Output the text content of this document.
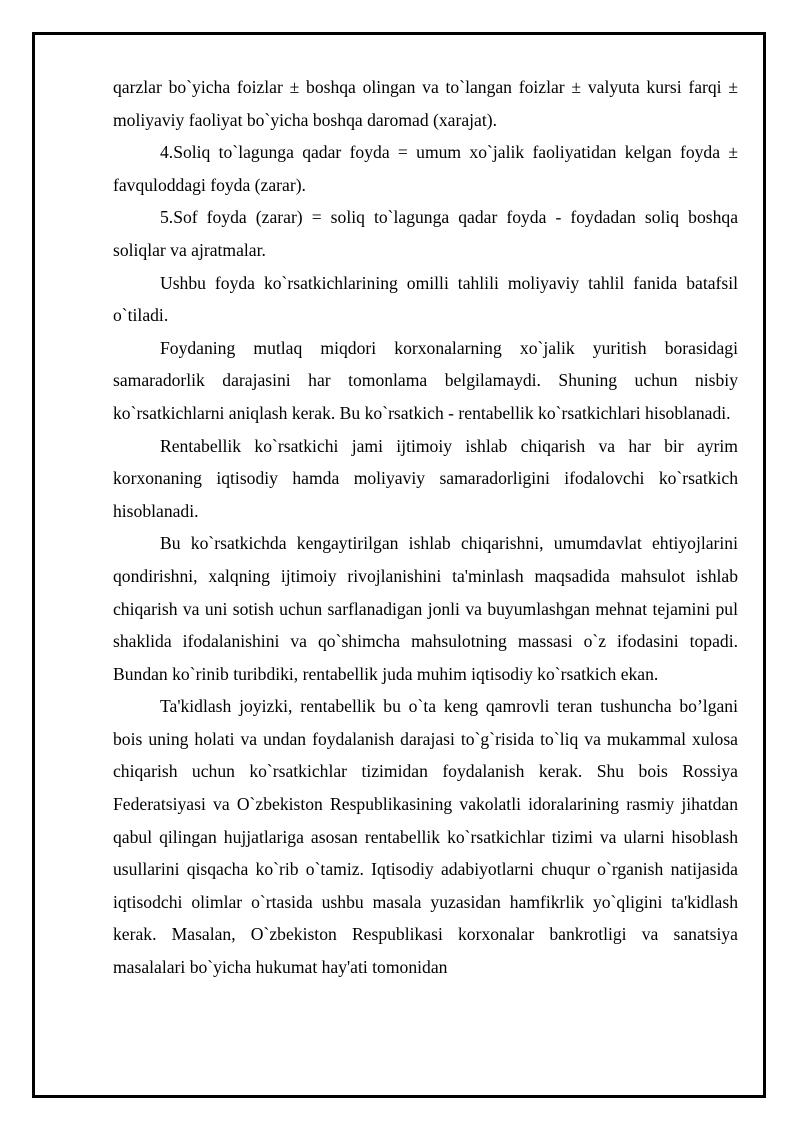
qarzlar bo`yicha foizlar ± boshqa olingan va to`langan foizlar ± valyuta kursi farqi ± moliyaviy faoliyat bo`yicha boshqa daromad (xarajat).

4.Soliq to`lagunga qadar foyda = umum xo`jalik faoliyatidan kelgan foyda ± favquloddagi foyda (zarar).

5.Sof foyda (zarar) = soliq to`lagunga qadar foyda - foydadan soliq boshqa soliqlar va ajratmalar.

Ushbu foyda ko`rsatkichlarining omilli tahlili moliyaviy tahlil fanida batafsil o`tiladi.

Foydaning mutlaq miqdori korxonalarning xo`jalik yuritish borasidagi samaradorlik darajasini har tomonlama belgilamaydi. Shuning uchun nisbiy ko`rsatkichlarni aniqlash kerak. Bu ko`rsatkich - rentabellik ko`rsatkichlari hisoblanadi.

Rentabellik ko`rsatkichi jami ijtimoiy ishlab chiqarish va har bir ayrim korxonaning iqtisodiy hamda moliyaviy samaradorligini ifodalovchi ko`rsatkich hisoblanadi.

Bu ko`rsatkichda kengaytirilgan ishlab chiqarishni, umumdavlat ehtiyojlarini qondirishni, xalqning ijtimoiy rivojlanishini ta'minlash maqsadida mahsulot ishlab chiqarish va uni sotish uchun sarflanadigan jonli va buyumlashgan mehnat tejamini pul shaklida ifodalanishini va qo`shimcha mahsulotning massasi o`z ifodasini topadi. Bundan ko`rinib turibdiki, rentabellik juda muhim iqtisodiy ko`rsatkich ekan.

Ta'kidlash joyizki, rentabellik bu o`ta keng qamrovli teran tushuncha bo’lgani bois uning holati va undan foydalanish darajasi to`g`risida to`liq va mukammal xulosa chiqarish uchun ko`rsatkichlar tizimidan foydalanish kerak. Shu bois Rossiya Federatsiyasi va O`zbekiston Respublikasining vakolatli idoralarining rasmiy jihatdan qabul qilingan hujjatlariga asosan rentabellik ko`rsatkichlar tizimi va ularni hisoblash usullarini qisqacha ko`rib o`tamiz. Iqtisodiy adabiyotlarni chuqur o`rganish natijasida iqtisodchi olimlar o`rtasida ushbu masala yuzasidan hamfikrlik yo`qligini ta'kidlash kerak. Masalan, O`zbekiston Respublikasi korxonalar bankrotligi va sanatsiya masalalari bo`yicha hukumat hay'ati tomonidan
